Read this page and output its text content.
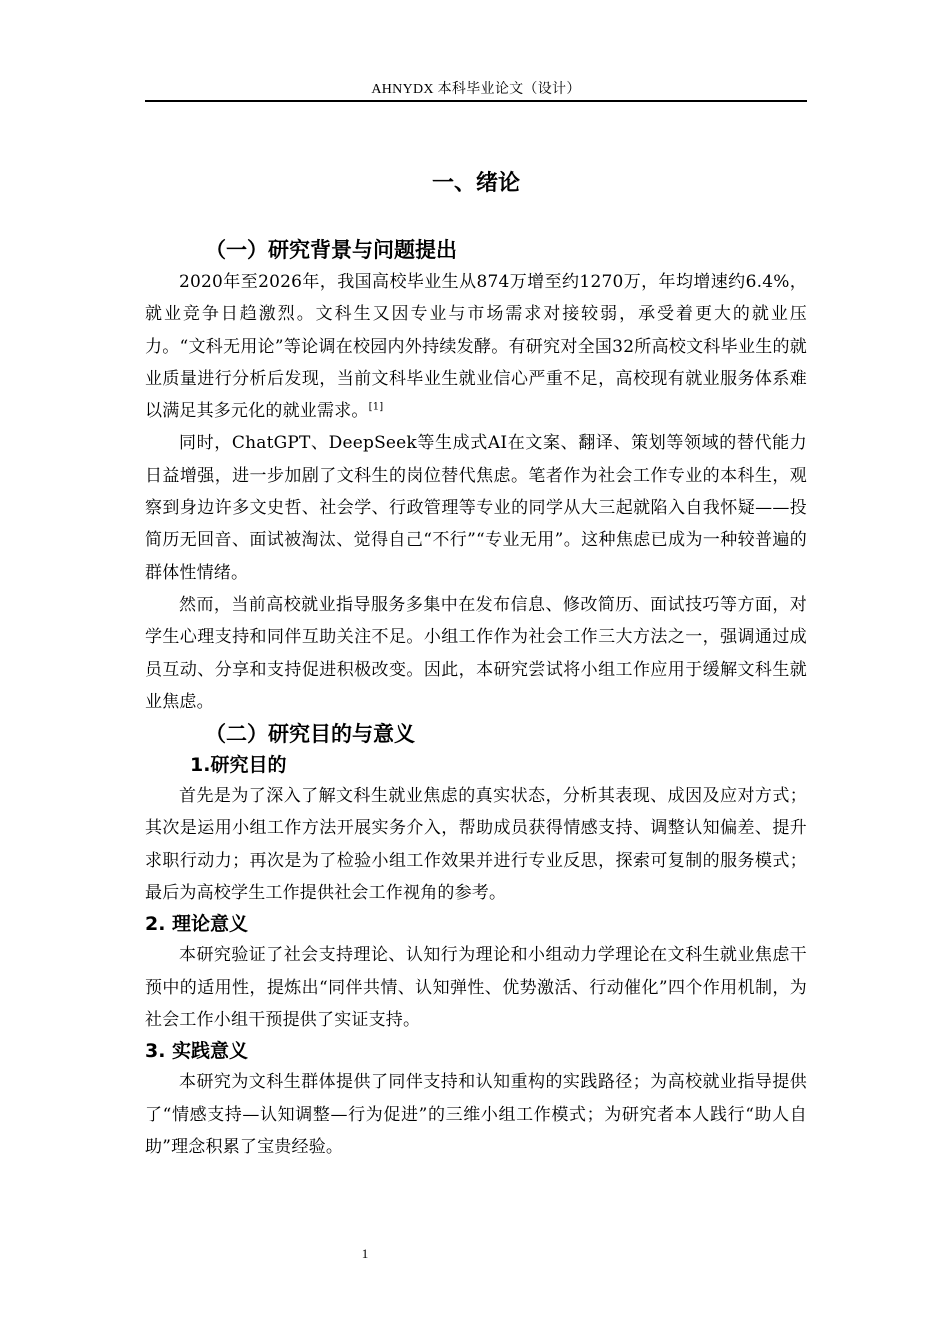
AHNYDX 本科毕业论文（设计）
一、绪论
（一）研究背景与问题提出

2020年至2026年，我国高校毕业生从874万增至约1270万，年均增速约6.4%，就业竞争日趋激烈。文科生又因专业与市场需求对接较弱，承受着更大的就业压力。“文科无用论”等论调在校园内外持续发酵。有研究对全国32所高校文科毕业生的就业质量进行分析后发现，当前文科毕业生就业信心严重不足，高校现有就业服务体系难以满足其多元化的就业需求。[1]

同时，ChatGPT、DeepSeek等生成式AI在文案、翻译、策划等领域的替代能力日益增强，进一步加剧了文科生的岗位替代焦虑。笔者作为社会工作专业的本科生，观察到身边许多文史哲、社会学、行政管理等专业的同学从大三起就陷入自我怀疑——投简历无回音、面试被淘汰、觉得自己“不行”“专业无用”。这种焦虑已成为一种较普遍的群体性情绪。

然而，当前高校就业指导服务多集中在发布信息、修改简历、面试技巧等方面，对学生心理支持和同伴互助关注不足。小组工作作为社会工作三大方法之一，强调通过成员互动、分享和支持促进积极改变。因此，本研究尝试将小组工作应用于缓解文科生就业焦虑。

（二）研究目的与意义
1.研究目的

首先是为了深入了解文科生就业焦虑的真实状态，分析其表现、成因及应对方式；其次是运用小组工作方法开展实务介入，帮助成员获得情感支持、调整认知偏差、提升求职行动力；再次是为了检验小组工作效果并进行专业反思，探索可复制的服务模式；最后为高校学生工作提供社会工作视角的参考。

2. 理论意义

本研究验证了社会支持理论、认知行为理论和小组动力学理论在文科生就业焦虑干预中的适用性，提炼出“同伴共情、认知弹性、优势激活、行动催化”四个作用机制，为社会工作小组干预提供了实证支持。

3. 实践意义

本研究为文科生群体提供了同伴支持和认知重构的实践路径；为高校就业指导提供了“情感支持—认知调整—行为促进”的三维小组工作模式；为研究者本人践行“助人自助”理念积累了宝贵经验。

1
